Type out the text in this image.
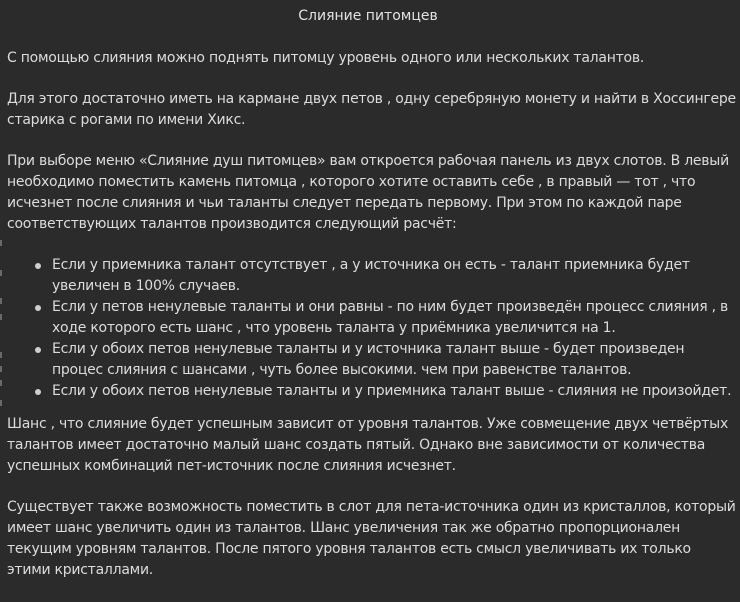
Слияние питомцев

С помощью слияния можно поднять питомцу уровень одного или нескольких талантов.

Для этого достаточно иметь на кармане двух петов , одну серебряную монету и найти в Хоссингере старика с рогами по имени Хикс.

При выборе меню «Слияние душ питомцев» вам откроется рабочая панель из двух слотов. В левый необходимо поместить камень питомца , которого хотите оставить себе , в правый — тот , что исчезнет после слияния и чьи таланты следует передать первому. При этом по каждой паре соответствующих талантов производится следующий расчёт:

Если у приемника талант отсутствует , а у источника он есть - талант приемника будет увеличен в 100% случаев.
Если у петов ненулевые таланты и они равны - по ним будет произведён процесс слияния , в ходе которого есть шанс , что уровень таланта у приёмника увеличится на 1.
Если у обоих петов ненулевые таланты и у источника талант выше - будет произведен процес слияния с шансами , чуть более высокими. чем при равенстве талантов.
Если у обоих петов ненулевые таланты и у приемника талант выше - слияния не произойдет.

Шанс , что слияние будет успешным зависит от уровня талантов. Уже совмещение двух четвёртых талантов имеет достаточно малый шанс создать пятый. Однако вне зависимости от количества успешных комбинаций пет-источник после слияния исчезнет.

Существует также возможность поместить в слот для пета-источника один из кристаллов, который имеет шанс увеличить один из талантов. Шанс увеличения так же обратно пропорционален текущим уровням талантов. После пятого уровня талантов есть смысл увеличивать их только этими кристаллами.
